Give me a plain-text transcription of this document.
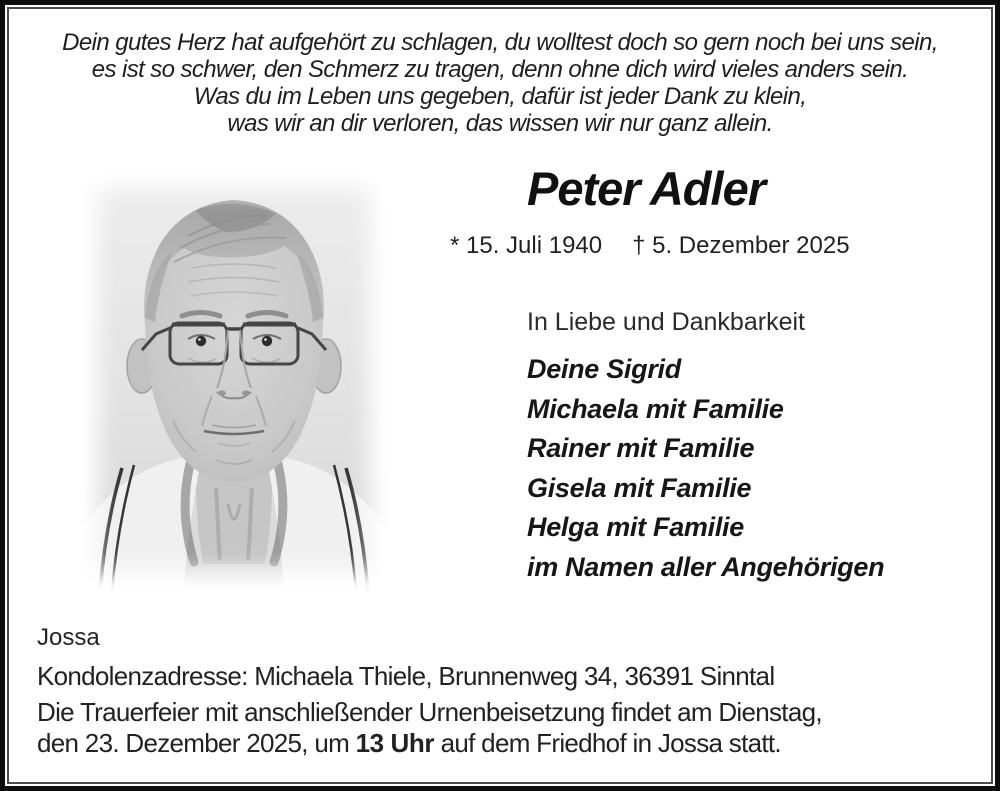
Dein gutes Herz hat aufgehört zu schlagen, du wolltest doch so gern noch bei uns sein,
es ist so schwer, den Schmerz zu tragen, denn ohne dich wird vieles anders sein.
Was du im Leben uns gegeben, dafür ist jeder Dank zu klein,
was wir an dir verloren, das wissen wir nur ganz allein.
Peter Adler
* 15. Juli 1940 † 5. Dezember 2025
In Liebe und Dankbarkeit
Deine Sigrid
Michaela mit Familie
Rainer mit Familie
Gisela mit Familie
Helga mit Familie
im Namen aller Angehörigen
Jossa
Kondolenzadresse: Michaela Thiele, Brunnenweg 34, 36391 Sinntal
Die Trauerfeier mit anschließender Urnenbeisetzung findet am Dienstag,
den 23. Dezember 2025, um 13 Uhr auf dem Friedhof in Jossa statt.
